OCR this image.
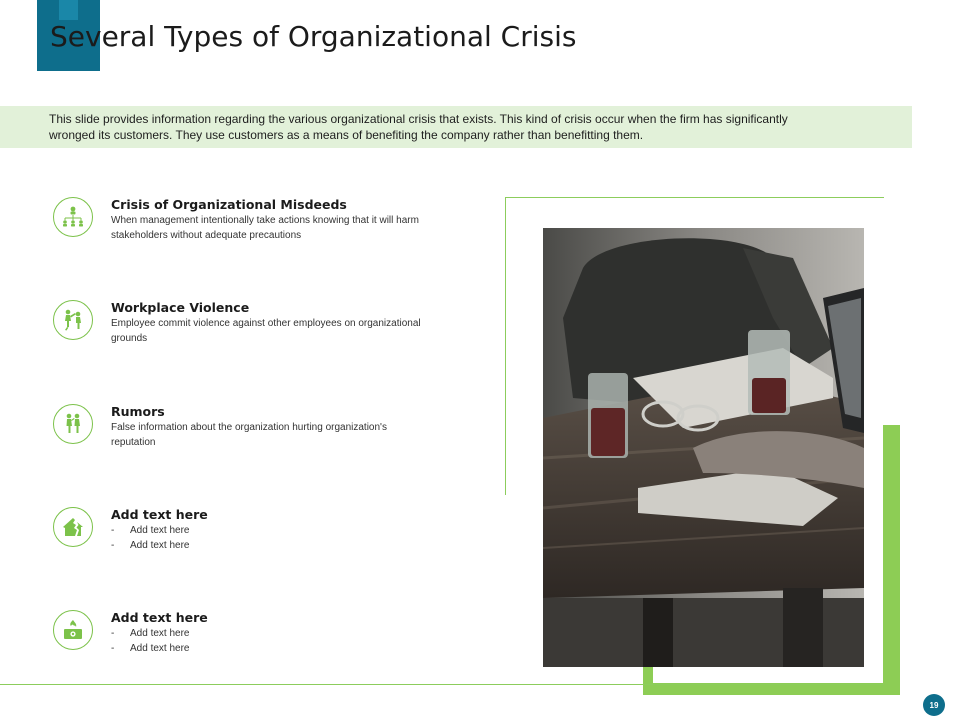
Several Types of Organizational Crisis

This slide provides information regarding the various organizational crisis that exists. This kind of crisis occur when the firm has significantly wronged its customers. They use customers as a means of benefiting the company rather than benefitting them.

Crisis of Organizational Misdeeds

When management intentionally take actions knowing that it will harm stakeholders without adequate precautions

Workplace Violence

Employee commit violence against other employees on organizational grounds

Rumors

False information about the organization hurting organization's reputation

Add text here
- Add text here
- Add text here
Add text here
- Add text here
- Add text here
19
